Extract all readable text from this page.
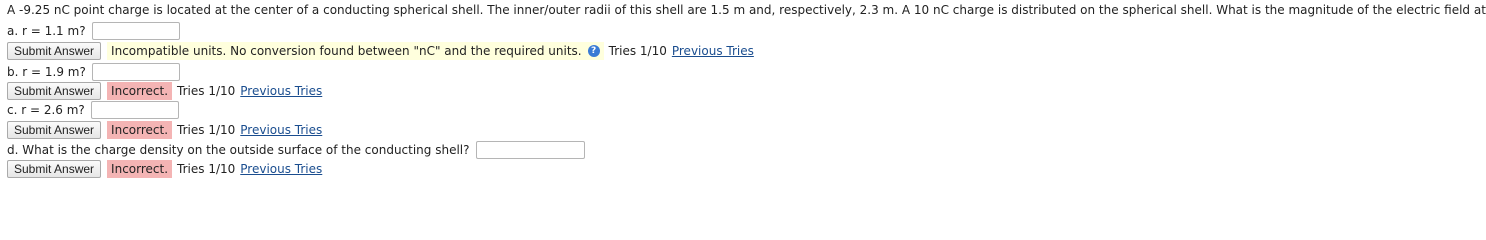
A -9.25 nC point charge is located at the center of a conducting spherical shell. The inner/outer radii of this shell are 1.5 m and, respectively, 2.3 m. A 10 nC charge is distributed on the spherical shell. What is the magnitude of the electric field at
a. r = 1.1 m?
Submit Answer	Incompatible units. No conversion found between "nC" and the required units.	? Tries 1/10 Previous Tries
b. r = 1.9 m?
Submit Answer	Incorrect. Tries 1/10 Previous Tries
c. r = 2.6 m?
Submit Answer	Incorrect. Tries 1/10 Previous Tries
d. What is the charge density on the outside surface of the conducting shell?
Submit Answer	Incorrect. Tries 1/10 Previous Tries
